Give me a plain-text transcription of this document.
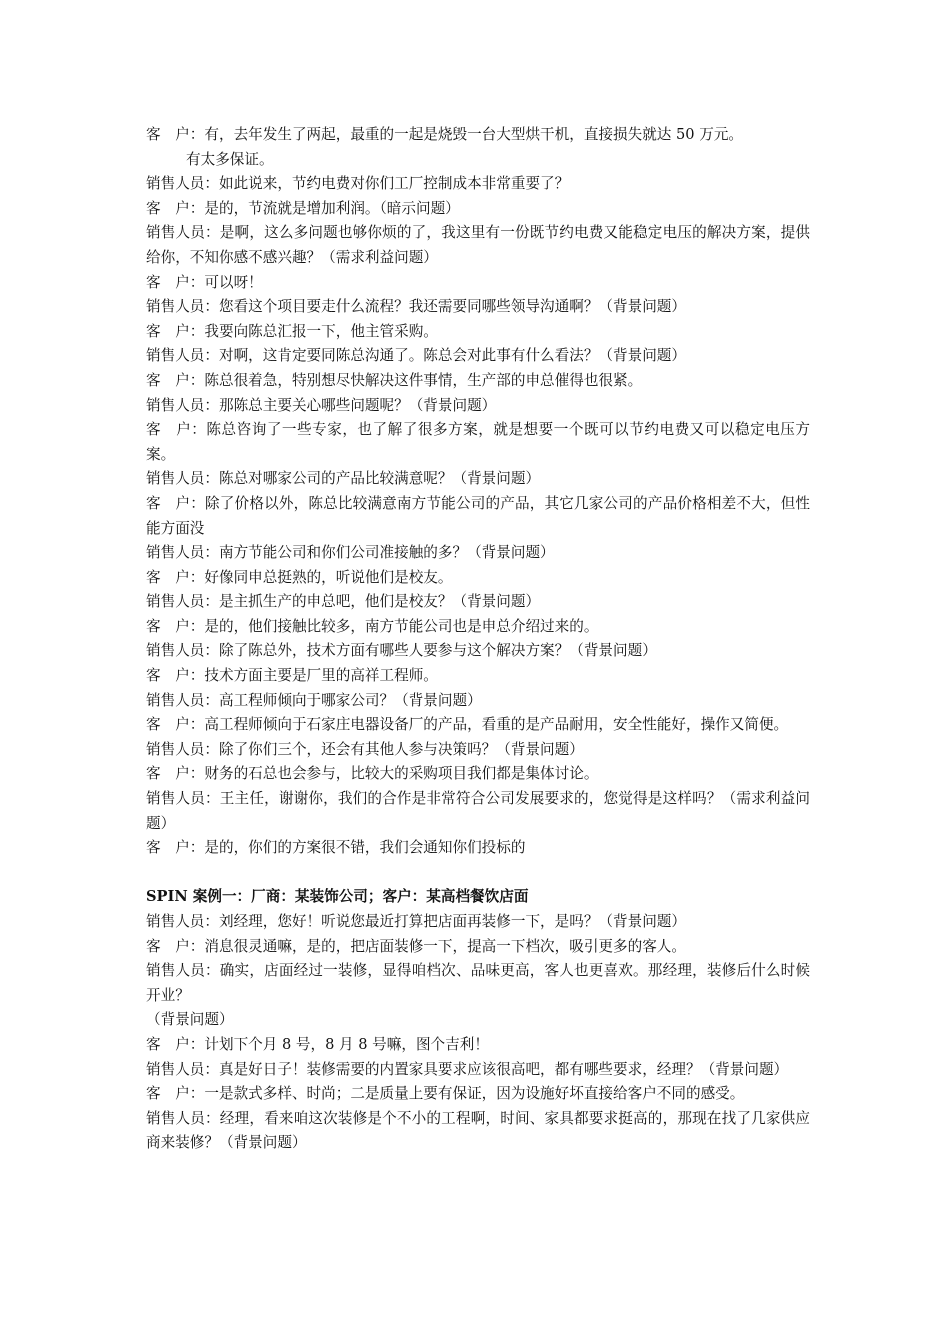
客　户：有，去年发生了两起，最重的一起是烧毁一台大型烘干机，直接损失就达 50 万元。

有太多保证。

销售人员：如此说来，节约电费对你们工厂控制成本非常重要了？

客　户：是的，节流就是增加利润。（暗示问题）

销售人员：是啊，这么多问题也够你烦的了，我这里有一份既节约电费又能稳定电压的解决方案，提供给你，不知你感不感兴趣？（需求利益问题）

客　户：可以呀！

销售人员：您看这个项目要走什么流程？我还需要同哪些领导沟通啊？（背景问题）

客　户：我要向陈总汇报一下，他主管采购。

销售人员：对啊，这肯定要同陈总沟通了。陈总会对此事有什么看法？（背景问题）

客　户：陈总很着急，特别想尽快解决这件事情，生产部的申总催得也很紧。

销售人员：那陈总主要关心哪些问题呢？（背景问题）

客　户：陈总咨询了一些专家，也了解了很多方案，就是想要一个既可以节约电费又可以稳定电压方案。

销售人员：陈总对哪家公司的产品比较满意呢？（背景问题）

客　户：除了价格以外，陈总比较满意南方节能公司的产品，其它几家公司的产品价格相差不大，但性能方面没

销售人员：南方节能公司和你们公司准接触的多？（背景问题）

客　户：好像同申总挺熟的，听说他们是校友。

销售人员：是主抓生产的申总吧，他们是校友？（背景问题）

客　户：是的，他们接触比较多，南方节能公司也是申总介绍过来的。

销售人员：除了陈总外，技术方面有哪些人要参与这个解决方案？（背景问题）

客　户：技术方面主要是厂里的高祥工程师。

销售人员：高工程师倾向于哪家公司？（背景问题）

客　户：高工程师倾向于石家庄电器设备厂的产品，看重的是产品耐用，安全性能好，操作又简便。

销售人员：除了你们三个，还会有其他人参与决策吗？（背景问题）

客　户：财务的石总也会参与，比较大的采购项目我们都是集体讨论。

销售人员：王主任，谢谢你，我们的合作是非常符合公司发展要求的，您觉得是这样吗？（需求利益问题）

客　户：是的，你们的方案很不错，我们会通知你们投标的

SPIN 案例一：厂商：某装饰公司；客户：某高档餐饮店面

销售人员：刘经理，您好！听说您最近打算把店面再装修一下，是吗？（背景问题）

客　户：消息很灵通嘛，是的，把店面装修一下，提高一下档次，吸引更多的客人。

销售人员：确实，店面经过一装修，显得咱档次、品味更高，客人也更喜欢。那经理，装修后什么时候开业？

（背景问题）

客　户：计划下个月 8 号，8 月 8 号嘛，图个吉利！

销售人员：真是好日子！装修需要的内置家具要求应该很高吧，都有哪些要求，经理？（背景问题）

客　户：一是款式多样、时尚；二是质量上要有保证，因为设施好坏直接给客户不同的感受。

销售人员：经理，看来咱这次装修是个不小的工程啊，时间、家具都要求挺高的，那现在找了几家供应商来装修？（背景问题）
